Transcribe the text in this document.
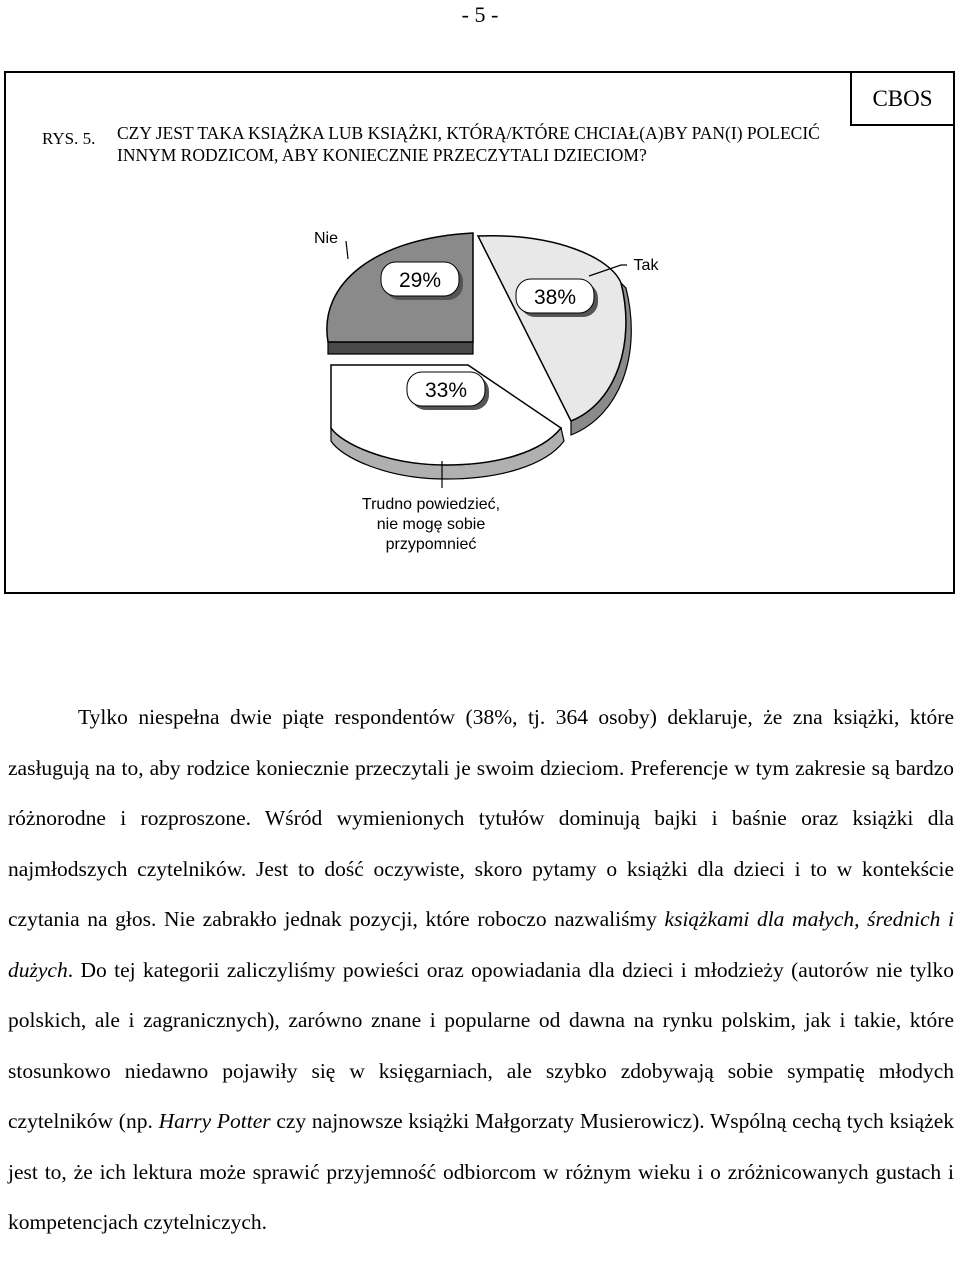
- 5 -
CBOS
RYS. 5. CZY JEST TAKA KSIĄŻKA LUB KSIĄŻKI, KTÓRĄ/KTÓRE CHCIAŁ(A)BY PAN(I) POLECIĆ INNYM RODZICOM, ABY KONIECZNIE PRZECZYTALI DZIECIOM?
29%
38%
33%
Nie
Tak
Trudno powiedzieć,
nie mogę sobie
przypomnieć

Tylko niespełna dwie piąte respondentów (38%, tj. 364 osoby) deklaruje, że zna książki, które zasługują na to, aby rodzice koniecznie przeczytali je swoim dzieciom. Preferencje w tym zakresie są bardzo różnorodne i rozproszone. Wśród wymienionych tytułów dominują bajki i baśnie oraz książki dla najmłodszych czytelników. Jest to dość oczywiste, skoro pytamy o książki dla dzieci i to w kontekście czytania na głos. Nie zabrakło jednak pozycji, które roboczo nazwaliśmy książkami dla małych, średnich i dużych. Do tej kategorii zaliczyliśmy powieści oraz opowiadania dla dzieci i młodzieży (autorów nie tylko polskich, ale i zagranicznych), zarówno znane i popularne od dawna na rynku polskim, jak i takie, które stosunkowo niedawno pojawiły się w księgarniach, ale szybko zdobywają sobie sympatię młodych czytelników (np. Harry Potter czy najnowsze książki Małgorzaty Musierowicz). Wspólną cechą tych książek jest to, że ich lektura może sprawić przyjemność odbiorcom w różnym wieku i o zróżnicowanych gustach i kompetencjach czytelniczych.
